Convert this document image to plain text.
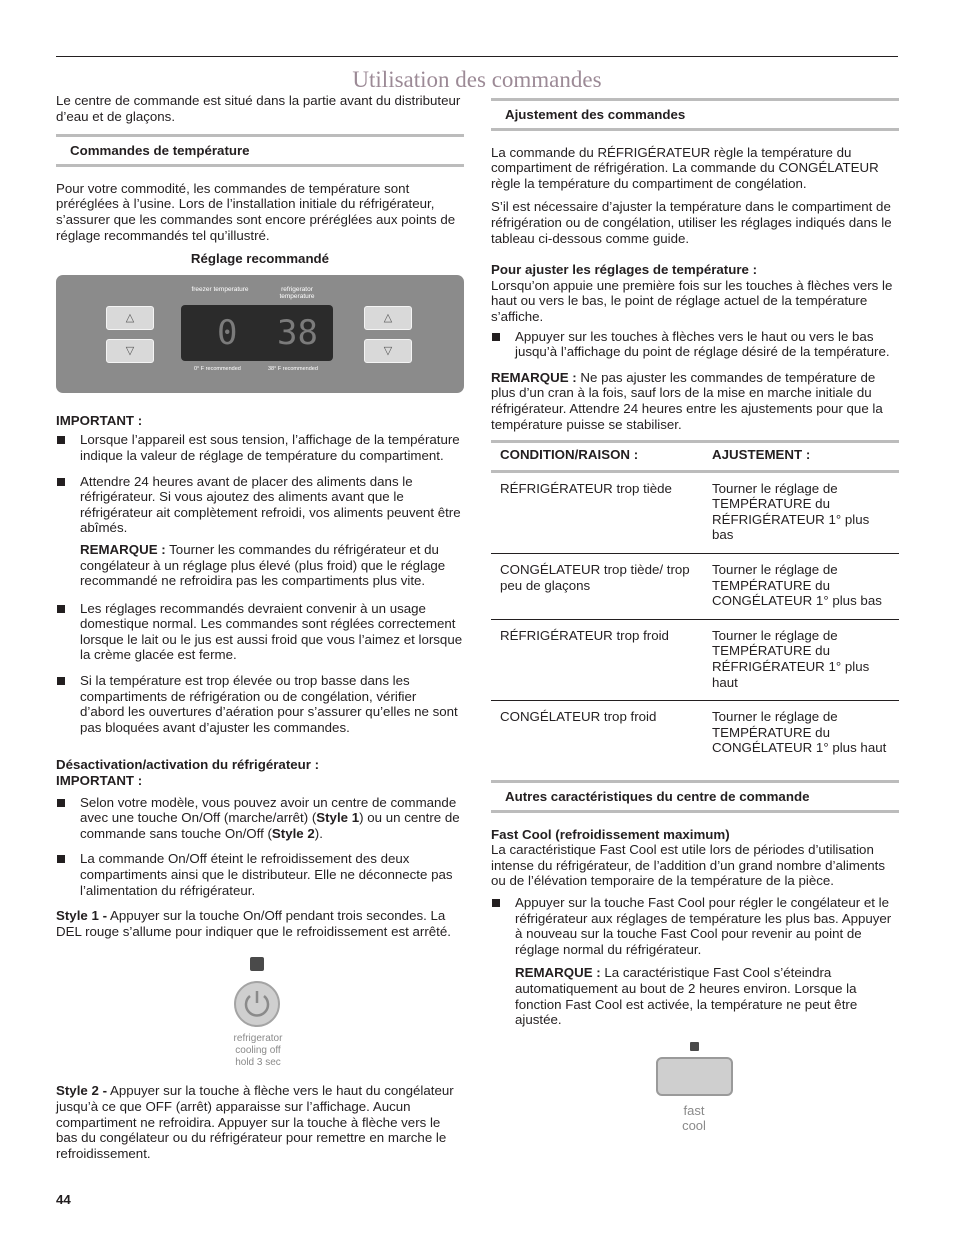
Utilisation des commandes

Le centre de commande est situé dans la partie avant du distributeur d’eau et de glaçons.

Commandes de température

Pour votre commodité, les commandes de température sont préréglées à l’usine. Lors de l’installation initiale du réfrigérateur, s’assurer que les commandes sont encore préréglées aux points de réglage recommandés tel qu’illustré.

Réglage recommandé
△
▽
△
▽
freezer temperature	refrigerator temperature
0 38
0° F recommended	38° F recommended
IMPORTANT :
Lorsque l’appareil est sous tension, l’affichage de la température indique la valeur de réglage de température du compartiment.
Attendre 24 heures avant de placer des aliments dans le réfrigérateur. Si vous ajoutez des aliments avant que le réfrigérateur ait complètement refroidi, vos aliments peuvent être abîmés.

REMARQUE : Tourner les commandes du réfrigérateur et du congélateur à un réglage plus élevé (plus froid) que le réglage recommandé ne refroidira pas les compartiments plus vite.

Les réglages recommandés devraient convenir à un usage domestique normal. Les commandes sont réglées correctement lorsque le lait ou le jus est aussi froid que vous l’aimez et lorsque la crème glacée est ferme.
Si la température est trop élevée ou trop basse dans les compartiments de réfrigération ou de congélation, vérifier d’abord les ouvertures d’aération pour s’assurer qu’elles ne sont pas bloquées avant d’ajuster les commandes.
Désactivation/activation du réfrigérateur :
IMPORTANT :
Selon votre modèle, vous pouvez avoir un centre de commande avec une touche On/Off (marche/arrêt) (Style 1) ou un centre de commande sans touche On/Off (Style 2).
La commande On/Off éteint le refroidissement des deux compartiments ainsi que le distributeur. Elle ne déconnecte pas l’alimentation du réfrigérateur.

Style 1 - Appuyer sur la touche On/Off pendant trois secondes. La DEL rouge s’allume pour indiquer que le refroidissement est arrêté.

refrigerator
cooling off
hold 3 sec

Style 2 - Appuyer sur la touche à flèche vers le haut du congélateur jusqu’à ce que OFF (arrêt) apparaisse sur l’affichage. Aucun compartiment ne refroidira. Appuyer sur la touche à flèche vers le bas du congélateur ou du réfrigérateur pour remettre en marche le refroidissement.

Ajustement des commandes

La commande du RÉFRIGÉRATEUR règle la température du compartiment de réfrigération. La commande du CONGÉLATEUR règle la température du compartiment de congélation.

S’il est nécessaire d’ajuster la température dans le compartiment de réfrigération ou de congélation, utiliser les réglages indiqués dans le tableau ci-dessous comme guide.

Pour ajuster les réglages de température :

Lorsqu’on appuie une première fois sur les touches à flèches vers le haut ou vers le bas, le point de réglage actuel de la température s’affiche.

Appuyer sur les touches à flèches vers le haut ou vers le bas jusqu’à l’affichage du point de réglage désiré de la température.

REMARQUE : Ne pas ajuster les commandes de température de plus d’un cran à la fois, sauf lors de la mise en marche initiale du réfrigérateur. Attendre 24 heures entre les ajustements pour que la température puisse se stabiliser.

CONDITION/RAISON :	AJUSTEMENT :
RÉFRIGÉRATEUR trop tiède	Tourner le réglage de TEMPÉRATURE du RÉFRIGÉRATEUR 1° plus bas
CONGÉLATEUR trop tiède/ trop peu de glaçons	Tourner le réglage de TEMPÉRATURE du CONGÉLATEUR 1° plus bas
RÉFRIGÉRATEUR trop froid	Tourner le réglage de TEMPÉRATURE du RÉFRIGÉRATEUR 1° plus haut
CONGÉLATEUR trop froid	Tourner le réglage de TEMPÉRATURE du CONGÉLATEUR 1° plus haut
Autres caractéristiques du centre de commande
Fast Cool (refroidissement maximum)

La caractéristique Fast Cool est utile lors de périodes d’utilisation intense du réfrigérateur, de l’addition d’un grand nombre d’aliments ou de l’élévation temporaire de la température de la pièce.

Appuyer sur la touche Fast Cool pour régler le congélateur et le réfrigérateur aux réglages de température les plus bas. Appuyer à nouveau sur la touche Fast Cool pour revenir au point de réglage normal du réfrigérateur.

REMARQUE : La caractéristique Fast Cool s’éteindra automatiquement au bout de 2 heures environ. Lorsque la fonction Fast Cool est activée, la température ne peut être ajustée.

fast
cool
44
